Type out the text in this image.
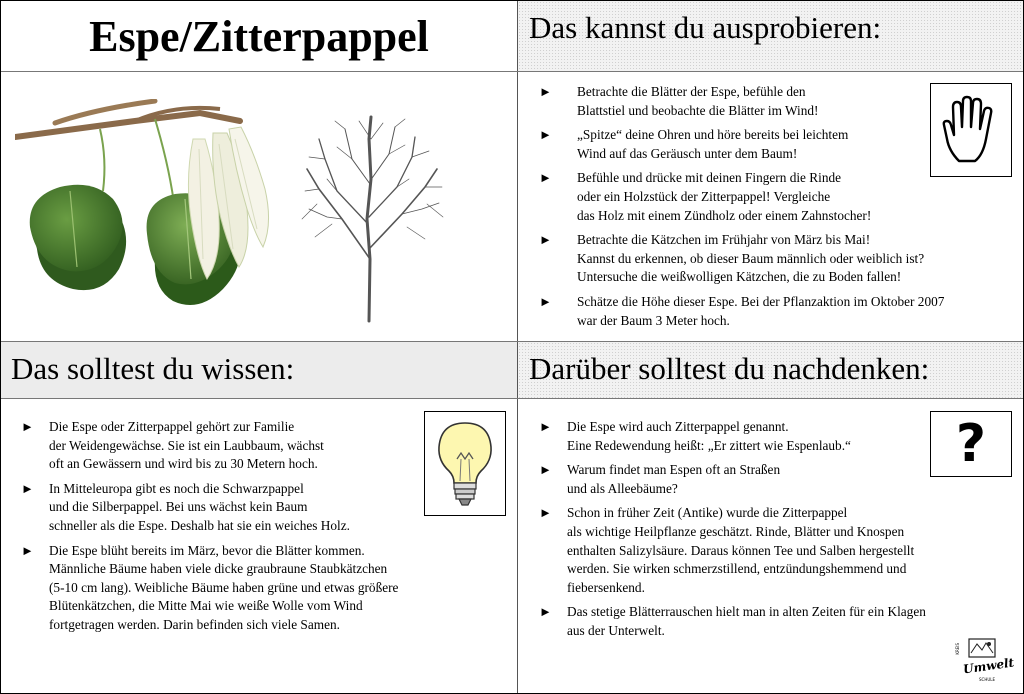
Espe/Zitterpappel	Das kannst du ausprobieren:
Das solltest du wissen:	Darüber solltest du nachdenken:
► Betrachte die Blätter der Espe, befühle den
Blattstiel und beobachte die Blätter im Wind!
► „Spitze“ deine Ohren und höre bereits bei leichtem
Wind auf das Geräusch unter dem Baum!
► Befühle und drücke mit deinen Fingern die Rinde
oder ein Holzstück der Zitterpappel! Vergleiche
das Holz mit einem Zündholz oder einem Zahnstocher!
► Betrachte die Kätzchen im Frühjahr von März bis Mai!
Kannst du erkennen, ob dieser Baum männlich oder weiblich ist?
Untersuche die weißwolligen Kätzchen, die zu Boden fallen!
► Schätze die Höhe dieser Espe. Bei der Pflanzaktion im Oktober 2007
war der Baum 3 Meter hoch.
► Die Espe oder Zitterpappel gehört zur Familie
der Weidengewächse. Sie ist ein Laubbaum, wächst
oft an Gewässern und wird bis zu 30 Metern hoch.
► In Mitteleuropa gibt es noch die Schwarzpappel
und die Silberpappel. Bei uns wächst kein Baum
schneller als die Espe. Deshalb hat sie ein weiches Holz.
► Die Espe blüht bereits im März, bevor die Blätter kommen.
Männliche Bäume haben viele dicke graubraune Staubkätzchen
(5-10 cm lang). Weibliche Bäume haben grüne und etwas größere
Blütenkätzchen, die Mitte Mai wie weiße Wolle vom Wind
fortgetragen werden. Darin befinden sich viele Samen.
► Die Espe wird auch Zitterpappel genannt.
Eine Redewendung heißt: „Er zittert wie Espenlaub.“
► Warum findet man Espen oft an Straßen
und als Alleebäume?
► Schon in früher Zeit (Antike) wurde die Zitterpappel
als wichtige Heilpflanze geschätzt. Rinde, Blätter und Knospen
enthalten Salizylsäure. Daraus können Tee und Salben hergestellt
werden. Sie wirken schmerzstillend, entzündungshemmend und
fiebersenkend.
► Das stetige Blätterrauschen hielt man in alten Zeiten für ein Klagen
aus der Unterwelt.
?
KREIS
Umwelt
SCHULE
